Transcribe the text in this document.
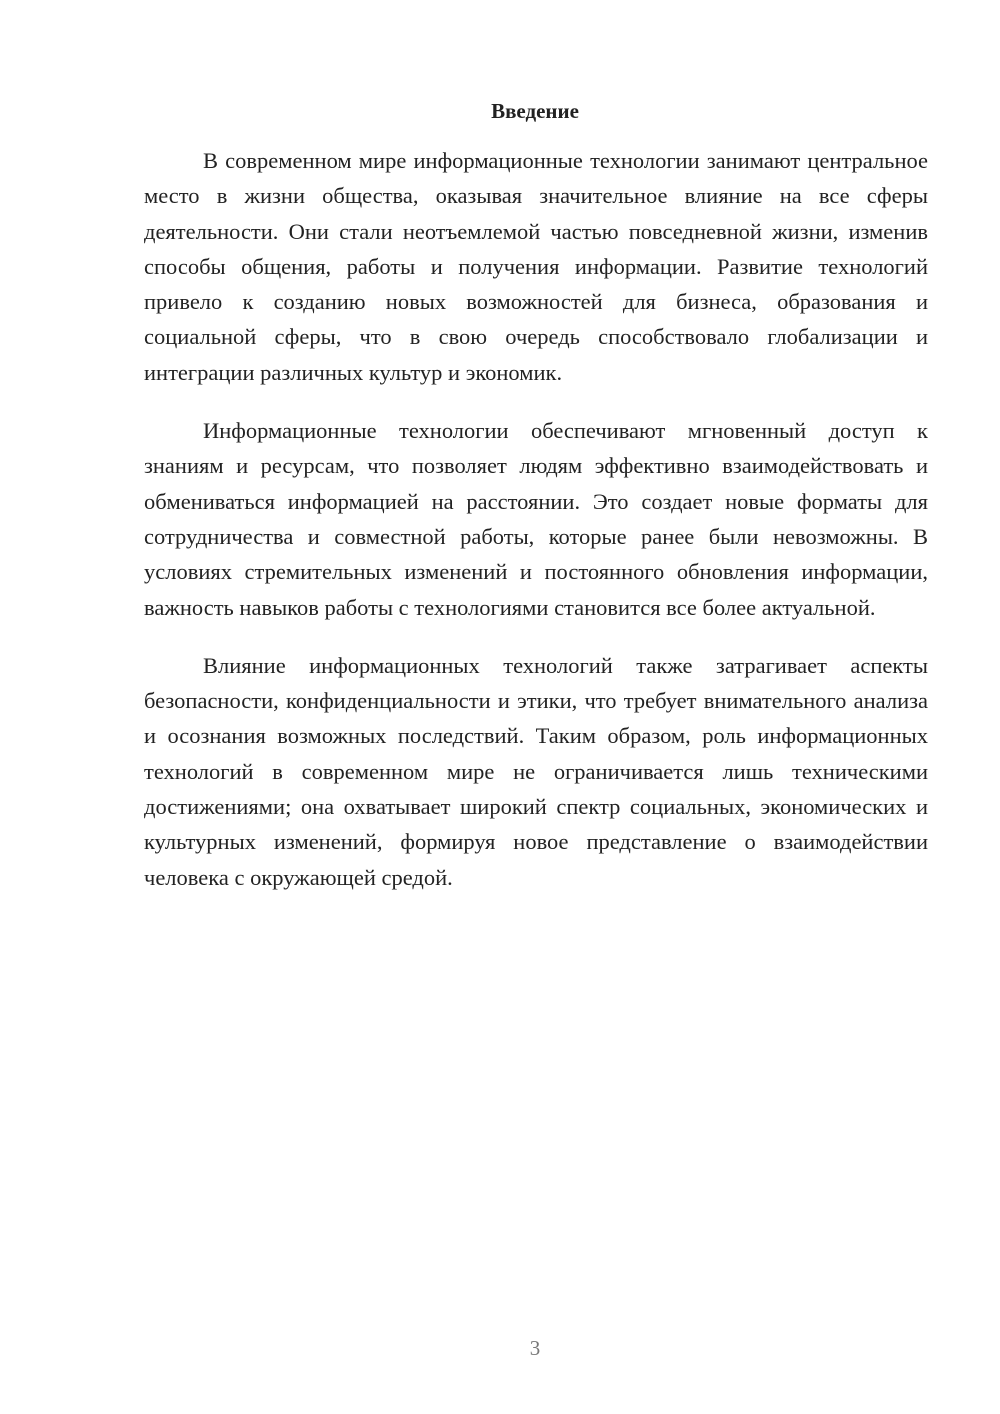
Введение

В современном мире информационные технологии занимают центральное место в жизни общества, оказывая значительное влияние на все сферы деятельности. Они стали неотъемлемой частью повседневной жизни, изменив способы общения, работы и получения информации. Развитие технологий привело к созданию новых возможностей для бизнеса, образования и социальной сферы, что в свою очередь способствовало глобализации и интеграции различных культур и экономик.

Информационные технологии обеспечивают мгновенный доступ к знаниям и ресурсам, что позволяет людям эффективно взаимодействовать и обмениваться информацией на расстоянии. Это создает новые форматы для сотрудничества и совместной работы, которые ранее были невозможны. В условиях стремительных изменений и постоянного обновления информации, важность навыков работы с технологиями становится все более актуальной.

Влияние информационных технологий также затрагивает аспекты безопасности, конфиденциальности и этики, что требует внимательного анализа и осознания возможных последствий. Таким образом, роль информационных технологий в современном мире не ограничивается лишь техническими достижениями; она охватывает широкий спектр социальных, экономических и культурных изменений, формируя новое представление о взаимодействии человека с окружающей средой.

3
